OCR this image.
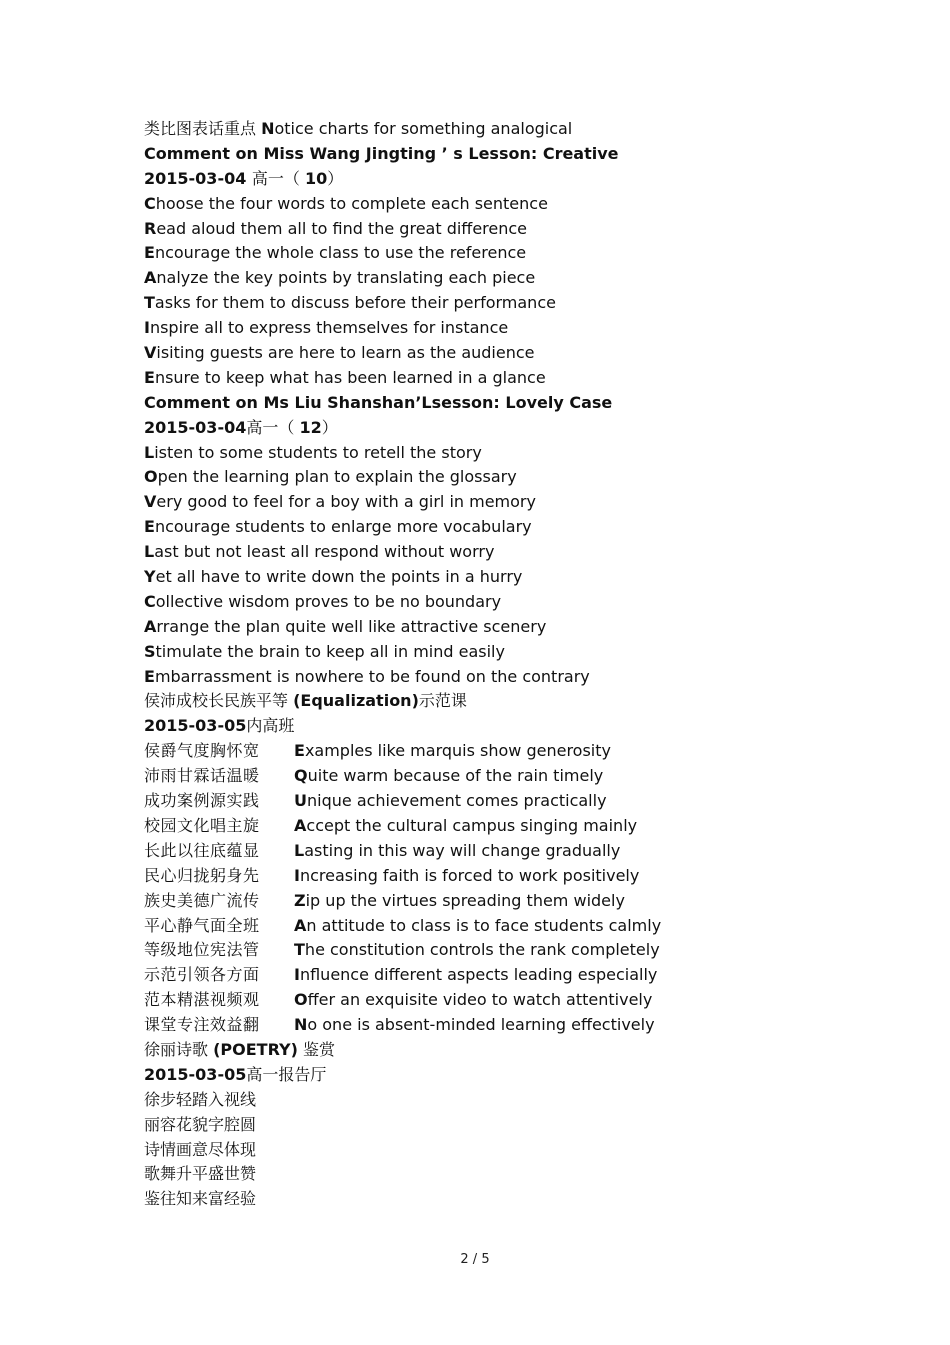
类比图表话重点 Notice charts for something analogical
Comment on Miss Wang Jingting ’ s Lesson: Creative
2015-03-04 高一（ 10）
Choose the four words to complete each sentence
Read aloud them all to find the great difference
Encourage the whole class to use the reference
Analyze the key points by translating each piece
Tasks for them to discuss before their performance
Inspire all to express themselves for instance
Visiting guests are here to learn as the audience
Ensure to keep what has been learned in a glance
Comment on Ms Liu Shanshan’Lsesson: Lovely Case
2015-03-04高一（ 12）
Listen to some students to retell the story
Open the learning plan to explain the glossary
Very good to feel for a boy with a girl in memory
Encourage students to enlarge more vocabulary
Last but not least all respond without worry
Yet all have to write down the points in a hurry
Collective wisdom proves to be no boundary
Arrange the plan quite well like attractive scenery
Stimulate the brain to keep all in mind easily
Embarrassment is nowhere to be found on the contrary
侯沛成校长民族平等 (Equalization)示范课
2015-03-05内高班
侯爵气度胸怀宽 Examples like marquis show generosity
沛雨甘霖话温暖 Quite warm because of the rain timely
成功案例源实践 Unique achievement comes practically
校园文化唱主旋 Accept the cultural campus singing mainly
长此以往底蕴显 Lasting in this way will change gradually
民心归拢躬身先 Increasing faith is forced to work positively
族史美德广流传 Zip up the virtues spreading them widely
平心静气面全班 An attitude to class is to face students calmly
等级地位宪法管 The constitution controls the rank completely
示范引领各方面 Influence different aspects leading especially
范本精湛视频观 Offer an exquisite video to watch attentively
课堂专注效益翻 No one is absent-minded learning effectively
徐丽诗歌 (POETRY) 鉴赏
2015-03-05高一报告厅
徐步轻踏入视线
丽容花貌字腔圆
诗情画意尽体现
歌舞升平盛世赞
鉴往知来富经验
2 / 5
